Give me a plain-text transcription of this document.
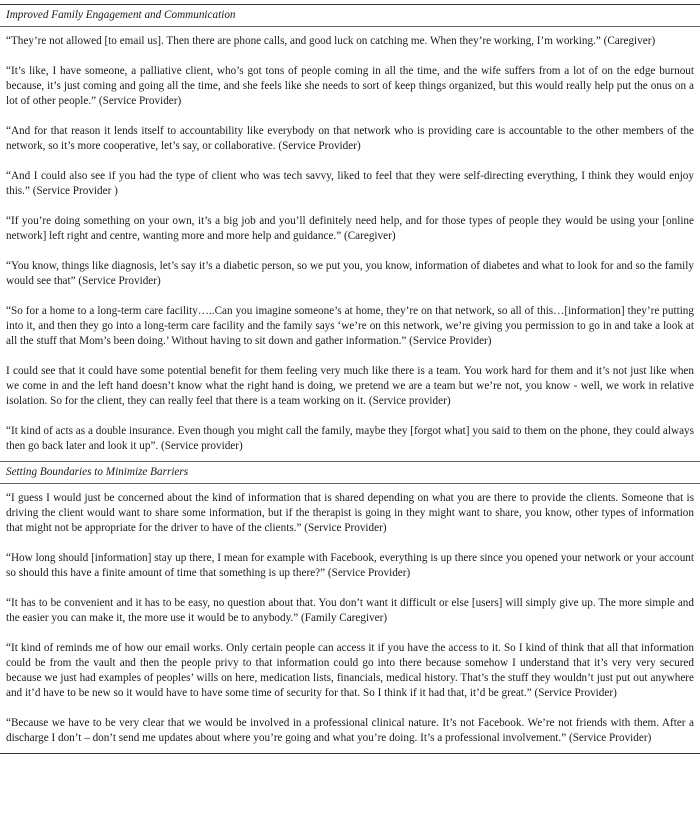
Improved Family Engagement and Communication

“They’re not allowed [to email us]. Then there are phone calls, and good luck on catching me. When they’re working, I’m working.” (Caregiver)

“It’s like, I have someone, a palliative client, who’s got tons of people coming in all the time, and the wife suffers from a lot of on the edge burnout because, it’s just coming and going all the time, and she feels like she needs to sort of keep things organized, but this would really help put the onus on a lot of other people.” (Service Provider)

“And for that reason it lends itself to accountability like everybody on that network who is providing care is accountable to the other members of the network, so it’s more cooperative, let’s say, or collaborative. (Service Provider)

“And I could also see if you had the type of client who was tech savvy, liked to feel that they were self-directing everything, I think they would enjoy this.” (Service Provider )

“If you’re doing something on your own, it’s a big job and you’ll definitely need help, and for those types of people they would be using your [online network] left right and centre, wanting more and more help and guidance.” (Caregiver)

“You know, things like diagnosis, let’s say it’s a diabetic person, so we put you, you know, information of diabetes and what to look for and so the family would see that” (Service Provider)

“So for a home to a long-term care facility…..Can you imagine someone’s at home, they’re on that network, so all of this…[information] they’re putting into it, and then they go into a long-term care facility and the family says ‘we’re on this network, we’re giving you permission to go in and take a look at all the stuff that Mom’s been doing.’ Without having to sit down and gather information.” (Service Provider)

I could see that it could have some potential benefit for them feeling very much like there is a team. You work hard for them and it’s not just like when we come in and the left hand doesn’t know what the right hand is doing, we pretend we are a team but we’re not, you know - well, we work in relative isolation. So for the client, they can really feel that there is a team working on it. (Service provider)

“It kind of acts as a double insurance. Even though you might call the family, maybe they [forgot what] you said to them on the phone, they could always then go back later and look it up”. (Service provider)

Setting Boundaries to Minimize Barriers

“I guess I would just be concerned about the kind of information that is shared depending on what you are there to provide the clients. Someone that is driving the client would want to share some information, but if the therapist is going in they might want to share, you know, other types of information that might not be appropriate for the driver to have of the clients.” (Service Provider)

“How long should [information] stay up there, I mean for example with Facebook, everything is up there since you opened your network or your account so should this have a finite amount of time that something is up there?” (Service Provider)

“It has to be convenient and it has to be easy, no question about that. You don’t want it difficult or else [users] will simply give up. The more simple and the easier you can make it, the more use it would be to anybody.” (Family Caregiver)

“It kind of reminds me of how our email works. Only certain people can access it if you have the access to it. So I kind of think that all that information could be from the vault and then the people privy to that information could go into there because somehow I understand that it’s very very secured because we just had examples of peoples’ wills on here, medication lists, financials, medical history. That’s the stuff they wouldn’t just put out anywhere and it’d have to be new so it would have to have some time of security for that. So I think if it had that, it’d be great.” (Service Provider)

“Because we have to be very clear that we would be involved in a professional clinical nature. It’s not Facebook. We’re not friends with them. After a discharge I don’t – don’t send me updates about where you’re going and what you’re doing. It’s a professional involvement.” (Service Provider)
